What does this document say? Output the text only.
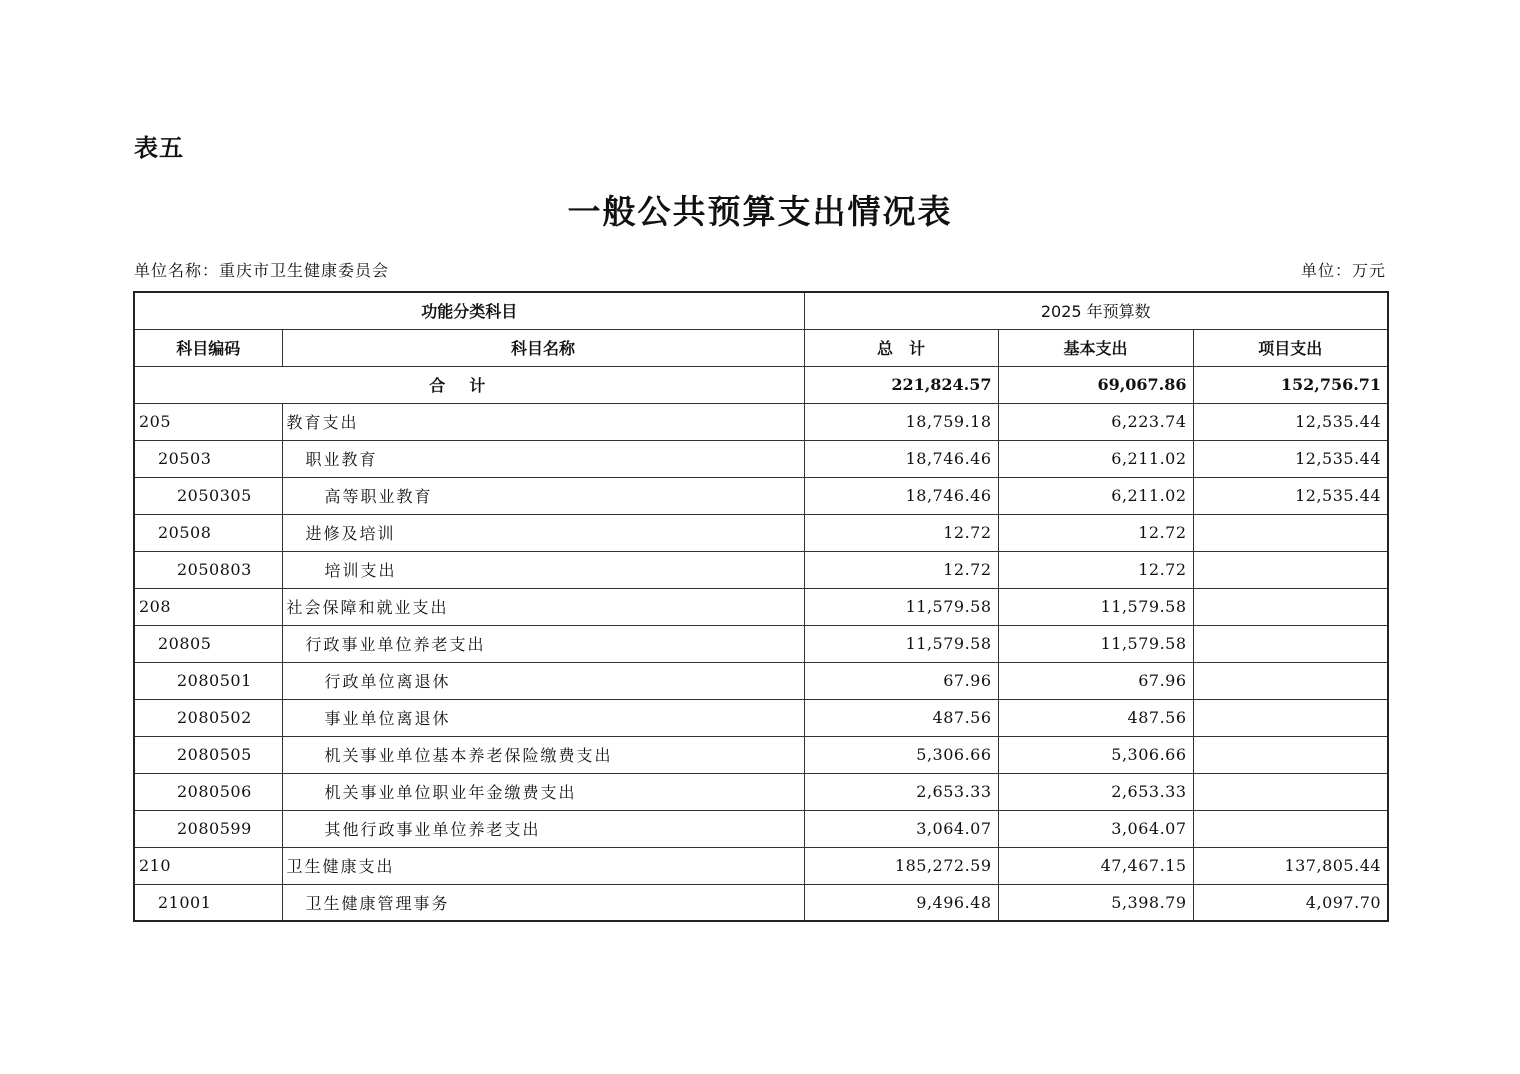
表五
一般公共预算支出情况表
单位名称：重庆市卫生健康委员会	单位：万元
功能分类科目		2025 年预算数		
科目编码	科目名称	总　计	基本支出	项目支出
合计		221,824.57	69,067.86	152,756.71
205	教育支出	18,759.18	6,223.74	12,535.44
20503	职业教育	18,746.46	6,211.02	12,535.44
2050305	高等职业教育	18,746.46	6,211.02	12,535.44
20508	进修及培训	12.72	12.72	
2050803	培训支出	12.72	12.72	
208	社会保障和就业支出	11,579.58	11,579.58	
20805	行政事业单位养老支出	11,579.58	11,579.58	
2080501	行政单位离退休	67.96	67.96	
2080502	事业单位离退休	487.56	487.56	
2080505	机关事业单位基本养老保险缴费支出	5,306.66	5,306.66	
2080506	机关事业单位职业年金缴费支出	2,653.33	2,653.33	
2080599	其他行政事业单位养老支出	3,064.07	3,064.07	
210	卫生健康支出	185,272.59	47,467.15	137,805.44
21001	卫生健康管理事务	9,496.48	5,398.79	4,097.70
